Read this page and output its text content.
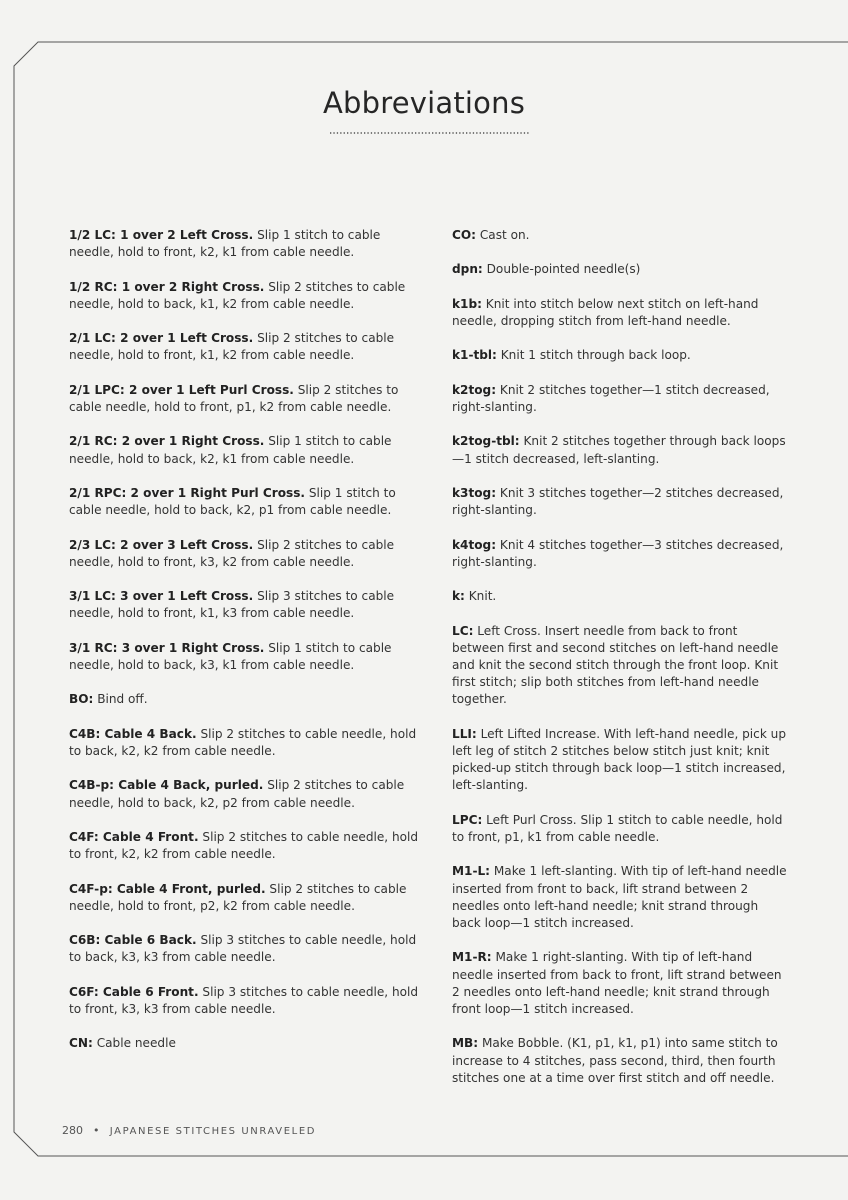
Abbreviations

1/2 LC: 1 over 2 Left Cross. Slip 1 stitch to cable needle, hold to front, k2, k1 from cable needle.

1/2 RC: 1 over 2 Right Cross. Slip 2 stitches to cable needle, hold to back, k1, k2 from cable needle.

2/1 LC: 2 over 1 Left Cross. Slip 2 stitches to cable needle, hold to front, k1, k2 from cable needle.

2/1 LPC: 2 over 1 Left Purl Cross. Slip 2 stitches to cable needle, hold to front, p1, k2 from cable needle.

2/1 RC: 2 over 1 Right Cross. Slip 1 stitch to cable needle, hold to back, k2, k1 from cable needle.

2/1 RPC: 2 over 1 Right Purl Cross. Slip 1 stitch to cable needle, hold to back, k2, p1 from cable needle.

2/3 LC: 2 over 3 Left Cross. Slip 2 stitches to cable needle, hold to front, k3, k2 from cable needle.

3/1 LC: 3 over 1 Left Cross. Slip 3 stitches to cable needle, hold to front, k1, k3 from cable needle.

3/1 RC: 3 over 1 Right Cross. Slip 1 stitch to cable needle, hold to back, k3, k1 from cable needle.

BO: Bind off.

C4B: Cable 4 Back. Slip 2 stitches to cable needle, hold to back, k2, k2 from cable needle.

C4B-p: Cable 4 Back, purled. Slip 2 stitches to cable needle, hold to back, k2, p2 from cable needle.

C4F: Cable 4 Front. Slip 2 stitches to cable needle, hold to front, k2, k2 from cable needle.

C4F-p: Cable 4 Front, purled. Slip 2 stitches to cable needle, hold to front, p2, k2 from cable needle.

C6B: Cable 6 Back. Slip 3 stitches to cable needle, hold to back, k3, k3 from cable needle.

C6F: Cable 6 Front. Slip 3 stitches to cable needle, hold to front, k3, k3 from cable needle.

CN: Cable needle

CO: Cast on.

dpn: Double-pointed needle(s)

k1b: Knit into stitch below next stitch on left-hand needle, dropping stitch from left-hand needle.

k1-tbl: Knit 1 stitch through back loop.

k2tog: Knit 2 stitches together—1 stitch decreased, right-slanting.

k2tog-tbl: Knit 2 stitches together through back loops—1 stitch decreased, left-slanting.

k3tog: Knit 3 stitches together—2 stitches decreased, right-slanting.

k4tog: Knit 4 stitches together—3 stitches decreased, right-slanting.

k: Knit.

LC: Left Cross. Insert needle from back to front between first and second stitches on left-hand needle and knit the second stitch through the front loop. Knit first stitch; slip both stitches from left-hand needle together.

LLI: Left Lifted Increase. With left-hand needle, pick up left leg of stitch 2 stitches below stitch just knit; knit picked-up stitch through back loop—1 stitch increased, left-slanting.

LPC: Left Purl Cross. Slip 1 stitch to cable needle, hold to front, p1, k1 from cable needle.

M1-L: Make 1 left-slanting. With tip of left-hand needle inserted from front to back, lift strand between 2 needles onto left-hand needle; knit strand through back loop—1 stitch increased.

M1-R: Make 1 right-slanting. With tip of left-hand needle inserted from back to front, lift strand between 2 needles onto left-hand needle; knit strand through front loop—1 stitch increased.

MB: Make Bobble. (K1, p1, k1, p1) into same stitch to increase to 4 stitches, pass second, third, then fourth stitches one at a time over first stitch and off needle.

280 • JAPANESE STITCHES UNRAVELED
